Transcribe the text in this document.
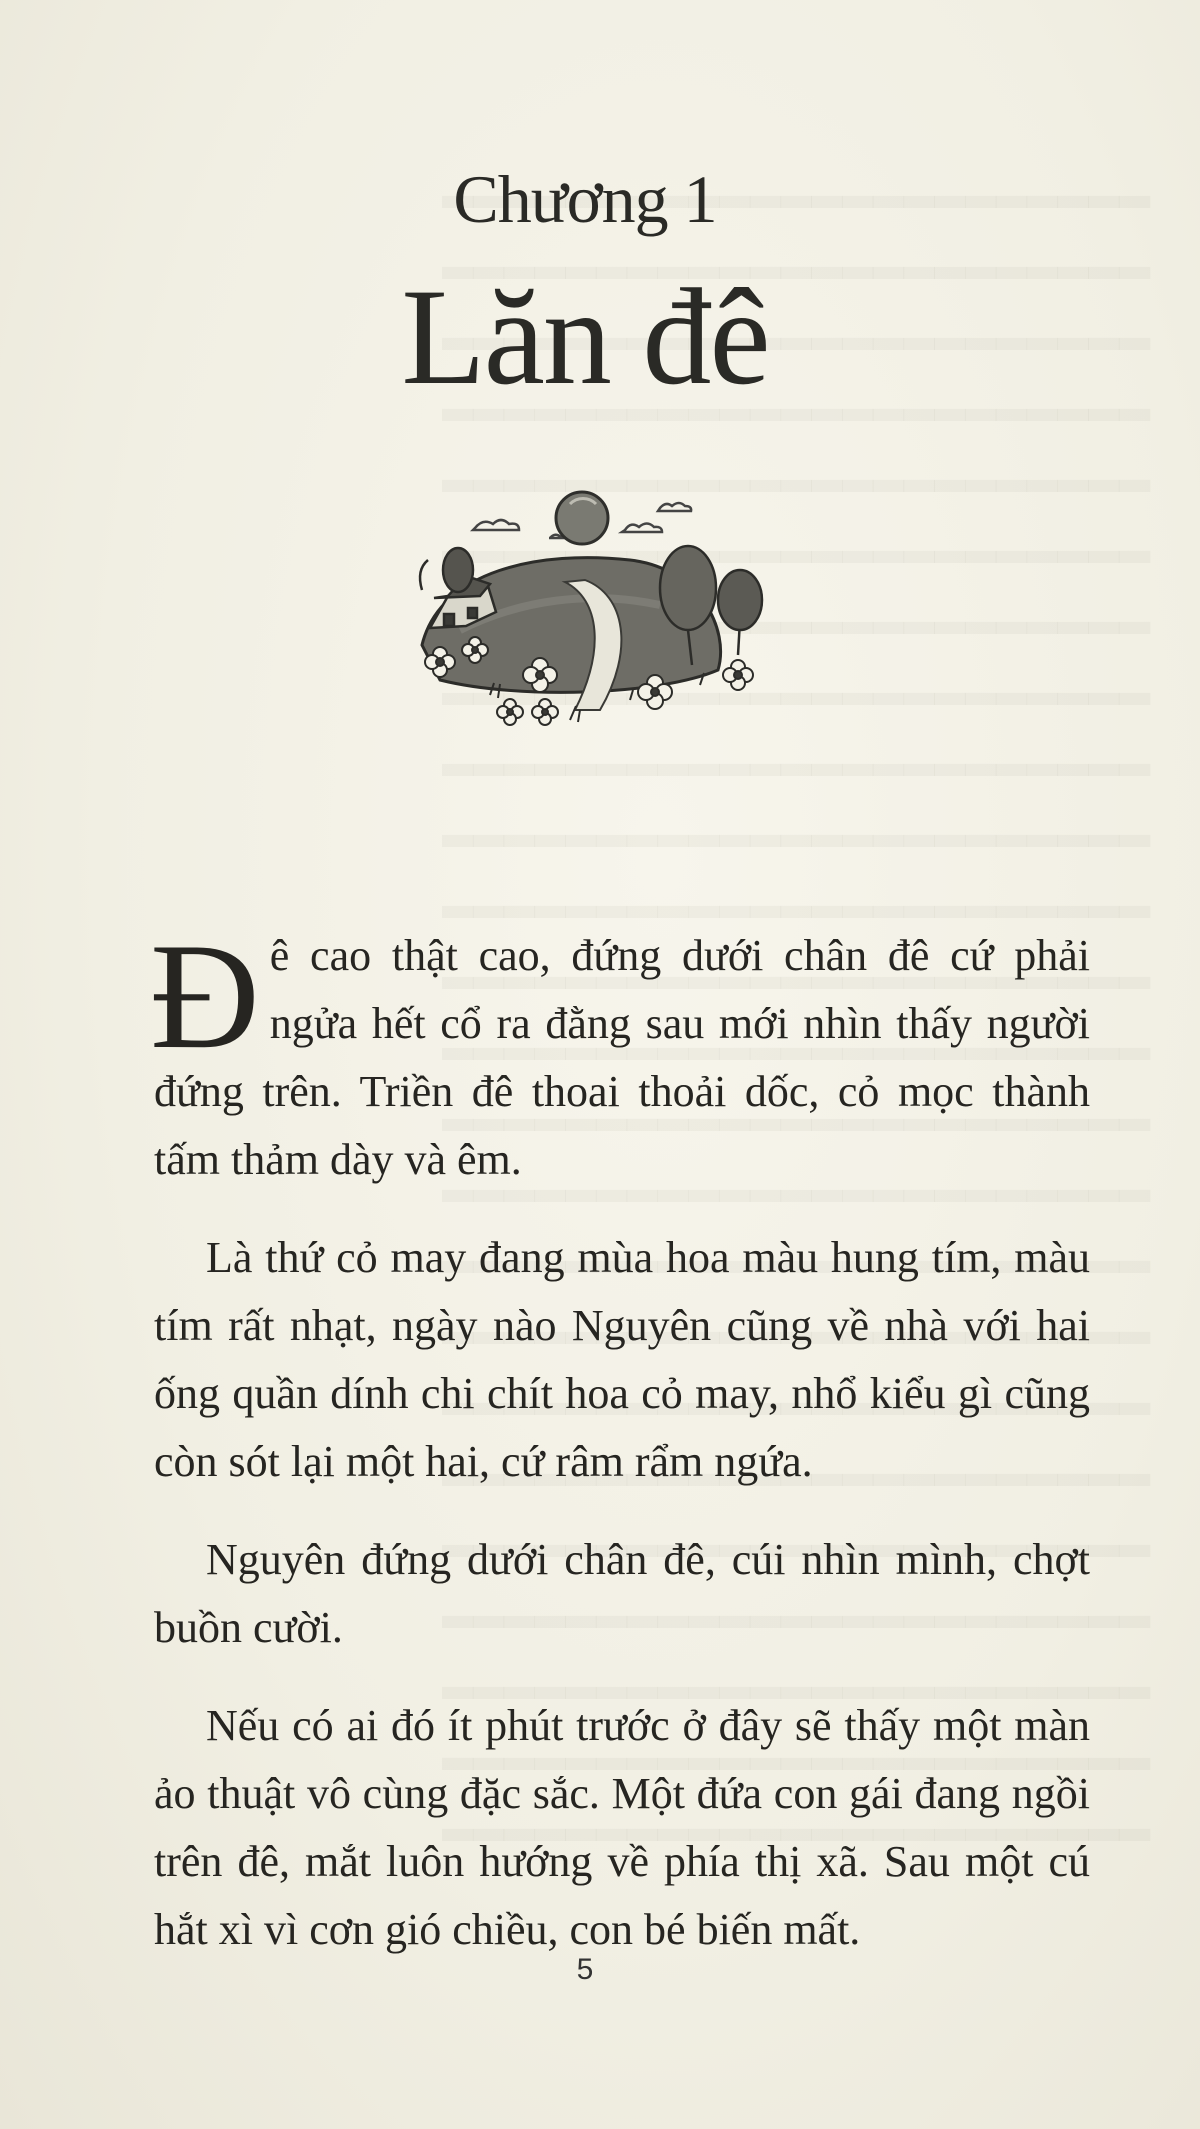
Chương 1
Lăn đê

Đê cao thật cao, đứng dưới chân đê cứ phải ngửa hết cổ ra đằng sau mới nhìn thấy người đứng trên. Triền đê thoai thoải dốc, cỏ mọc thành tấm thảm dày và êm.

Là thứ cỏ may đang mùa hoa màu hung tím, màu tím rất nhạt, ngày nào Nguyên cũng về nhà với hai ống quần dính chi chít hoa cỏ may, nhổ kiểu gì cũng còn sót lại một hai, cứ râm rẩm ngứa.

Nguyên đứng dưới chân đê, cúi nhìn mình, chợt buồn cười.

Nếu có ai đó ít phút trước ở đây sẽ thấy một màn ảo thuật vô cùng đặc sắc. Một đứa con gái đang ngồi trên đê, mắt luôn hướng về phía thị xã. Sau một cú hắt xì vì cơn gió chiều, con bé biến mất.

5
